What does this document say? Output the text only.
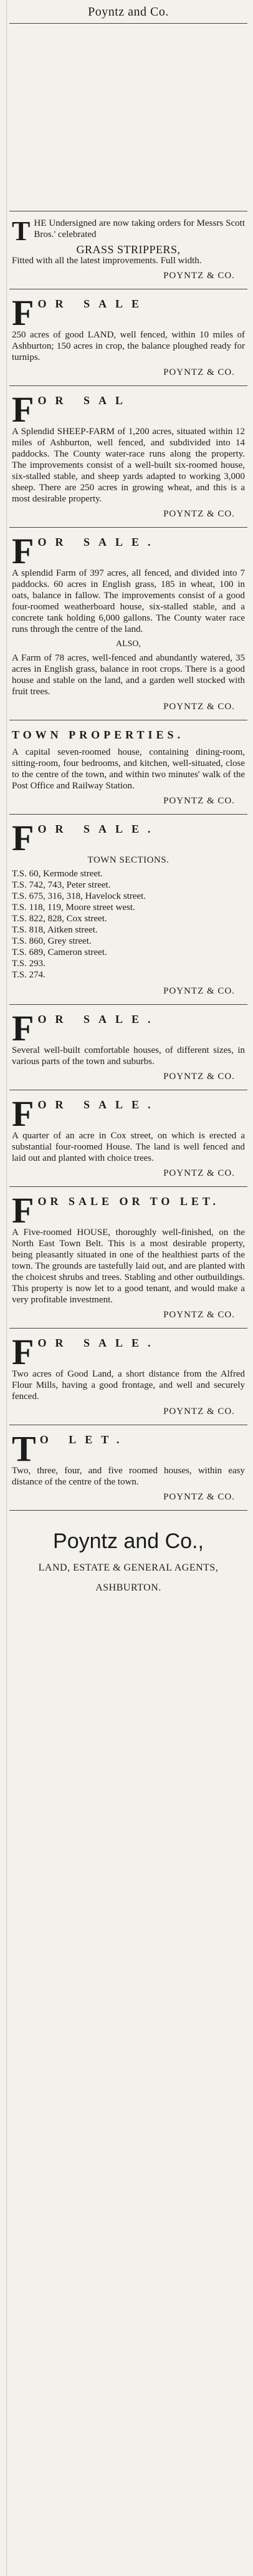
Poyntz and Co.
T HE Undersigned are now taking orders for Messrs Scott Bros.' celebrated

GRASS STRIPPERS,

Fitted with all the latest improvements. Full width.

POYNTZ & CO.
F OR SALE

250 acres of good LAND, well fenced, within 10 miles of Ashburton; 150 acres in crop, the balance ploughed ready for turnips.

POYNTZ & CO.
F OR SAL

A Splendid SHEEP-FARM of 1,200 acres, situated within 12 miles of Ashburton, well fenced, and subdivided into 14 paddocks. The County water-race runs along the property. The improvements consist of a well-built six-roomed house, six-stalled stable, and sheep yards adapted to working 3,000 sheep. There are 250 acres in growing wheat, and this is a most desirable property.

POYNTZ & CO.
F OR SALE.

A splendid Farm of 397 acres, all fenced, and divided into 7 paddocks. 60 acres in English grass, 185 in wheat, 100 in oats, balance in fallow. The improvements consist of a good four-roomed weatherboard house, six-stalled stable, and a concrete tank holding 6,000 gallons. The County water race runs through the centre of the land.

ALSO,

A Farm of 78 acres, well-fenced and abundantly watered, 35 acres in English grass, balance in root crops. There is a good house and stable on the land, and a garden well stocked with fruit trees.

POYNTZ & CO.
TOWN PROPERTIES.

A capital seven-roomed house, containing dining-room, sitting-room, four bedrooms, and kitchen, well-situated, close to the centre of the town, and within two minutes' walk of the Post Office and Railway Station.

POYNTZ & CO.
F OR SALE.
TOWN SECTIONS.
T.S. 60, Kermode street.
T.S. 742, 743, Peter street.
T.S. 675, 316, 318, Havelock street.
T.S. 118, 119, Moore street west.
T.S. 822, 828, Cox street.
T.S. 818, Aitken street.
T.S. 860, Grey street.
T.S. 689, Cameron street.
T.S. 293.
T.S. 274.
POYNTZ & CO.
F OR SALE.

Several well-built comfortable houses, of different sizes, in various parts of the town and suburbs.

POYNTZ & CO.
F OR SALE.

A quarter of an acre in Cox street, on which is erected a substantial four-roomed House. The land is well fenced and laid out and planted with choice trees.

POYNTZ & CO.
F OR SALE OR TO LET.

A Five-roomed HOUSE, thoroughly well-finished, on the North East Town Belt. This is a most desirable property, being pleasantly situated in one of the healthiest parts of the town. The grounds are tastefully laid out, and are planted with the choicest shrubs and trees. Stabling and other outbuildings. This property is now let to a good tenant, and would make a very profitable investment.

POYNTZ & CO.
F OR SALE.

Two acres of Good Land, a short distance from the Alfred Flour Mills, having a good frontage, and well and securely fenced.

POYNTZ & CO.
T O LET.

Two, three, four, and five roomed houses, within easy distance of the centre of the town.

POYNTZ & CO.
Poyntz and Co.,
LAND, ESTATE & GENERAL AGENTS,
ASHBURTON.
